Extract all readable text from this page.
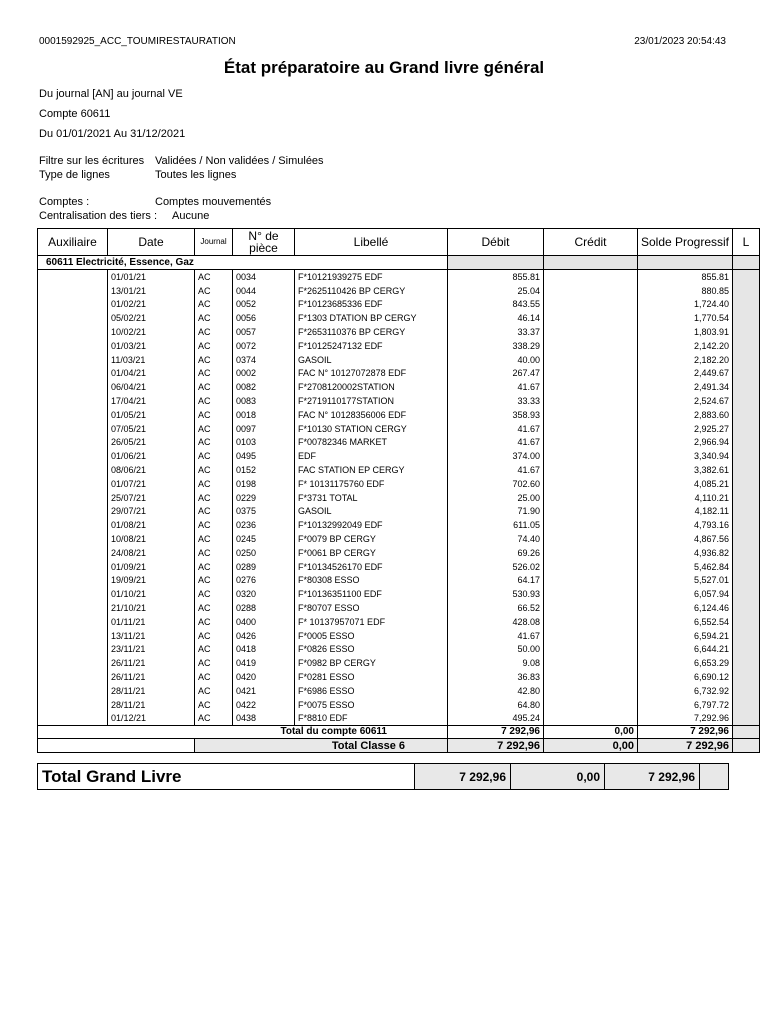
0001592925_ACC_TOUMIRESTAURATION	23/01/2023 20:54:43
État préparatoire au Grand livre général
Du journal [AN] au journal VE
Compte 60611
Du 01/01/2021 Au 31/12/2021
Filtre sur les écritures Validées / Non validées / Simulées
Type de lignes	Toutes les lignes
Comptes :	Comptes mouvementés
Centralisation des tiers : Aucune
Auxiliaire	Date	Journal	N° de pièce	Libellé	Débit	Crédit	Solde Progressif	L
60611 Electricité, Essence, Gaz								
	01/01/21	AC	0034	F*10121939275 EDF	855.81		855.81	
	13/01/21	AC	0044	F*2625110426 BP CERGY	25.04		880.85	
	01/02/21	AC	0052	F*10123685336 EDF	843.55		1,724.40	
	05/02/21	AC	0056	F*1303 DTATION BP CERGY	46.14		1,770.54	
	10/02/21	AC	0057	F*2653110376 BP CERGY	33.37		1,803.91	
	01/03/21	AC	0072	F*10125247132 EDF	338.29		2,142.20	
	11/03/21	AC	0374	GASOIL	40.00		2,182.20	
	01/04/21	AC	0002	FAC N° 10127072878 EDF	267.47		2,449.67	
	06/04/21	AC	0082	F*2708120002STATION	41.67		2,491.34	
	17/04/21	AC	0083	F*2719110177STATION	33.33		2,524.67	
	01/05/21	AC	0018	FAC N° 10128356006 EDF	358.93		2,883.60	
	07/05/21	AC	0097	F*10130 STATION CERGY	41.67		2,925.27	
	26/05/21	AC	0103	F*00782346 MARKET	41.67		2,966.94	
	01/06/21	AC	0495	EDF	374.00		3,340.94	
	08/06/21	AC	0152	FAC STATION EP CERGY	41.67		3,382.61	
	01/07/21	AC	0198	F* 10131175760 EDF	702.60		4,085.21	
	25/07/21	AC	0229	F*3731 TOTAL	25.00		4,110.21	
	29/07/21	AC	0375	GASOIL	71.90		4,182.11	
	01/08/21	AC	0236	F*10132992049 EDF	611.05		4,793.16	
	10/08/21	AC	0245	F*0079 BP CERGY	74.40		4,867.56	
	24/08/21	AC	0250	F*0061 BP CERGY	69.26		4,936.82	
	01/09/21	AC	0289	F*10134526170 EDF	526.02		5,462.84	
	19/09/21	AC	0276	F*80308 ESSO	64.17		5,527.01	
	01/10/21	AC	0320	F*10136351100 EDF	530.93		6,057.94	
	21/10/21	AC	0288	F*80707 ESSO	66.52		6,124.46	
	01/11/21	AC	0400	F* 10137957071 EDF	428.08		6,552.54	
	13/11/21	AC	0426	F*0005 ESSO	41.67		6,594.21	
	23/11/21	AC	0418	F*0826 ESSO	50.00		6,644.21	
	26/11/21	AC	0419	F*0982 BP CERGY	9.08		6,653.29	
	26/11/21	AC	0420	F*0281 ESSO	36.83		6,690.12	
	28/11/21	AC	0421	F*6986 ESSO	42.80		6,732.92	
	28/11/21	AC	0422	F*0075 ESSO	64.80		6,797.72	
	01/12/21	AC	0438	F*8810 EDF	495.24		7,292.96	
Total du compte 60611					7 292,96	0,00	7 292,96	
		Total Classe 6			7 292,96	0,00	7 292,96	
Total Grand Livre	7 292,96	0,00	7 292,96	
